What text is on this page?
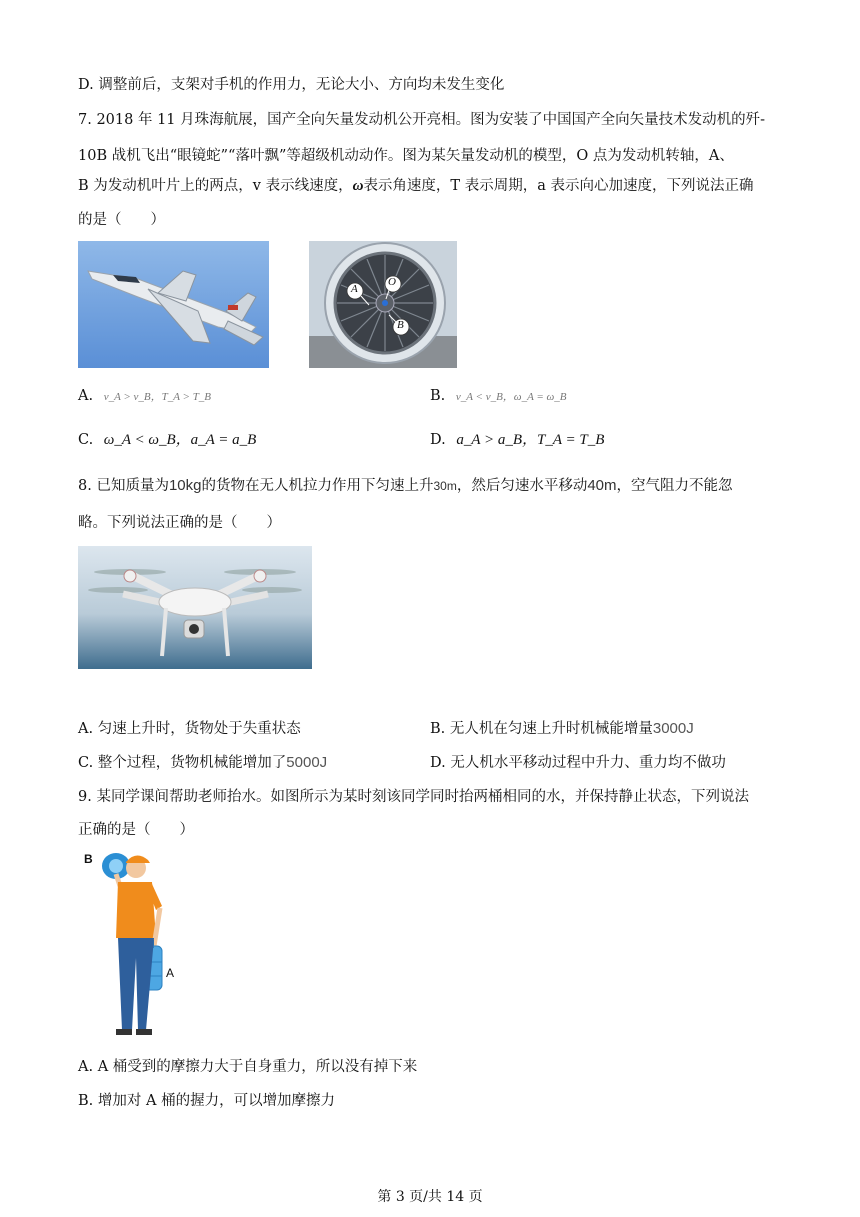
D. 调整前后，支架对手机的作用力，无论大小、方向均未发生变化
7. 2018 年 11 月珠海航展，国产全向矢量发动机公开亮相。图为安装了中国国产全向矢量技术发动机的歼-
10B 战机飞出“眼镜蛇”“落叶飘”等超级机动动作。图为某矢量发动机的模型，O 点为发动机转轴，A、
B 为发动机叶片上的两点，v 表示线速度，ω表示角速度，T 表示周期，a 表示向心加速度，下列说法正确
的是（　　）
A
O
B
A. v_A > v_B，T_A > T_B	B. v_A < v_B，ω_A = ω_B
C. ω_A < ω_B，a_A = a_B	D. a_A > a_B，T_A = T_B
8. 已知质量为10kg的货物在无人机拉力作用下匀速上升30m，然后匀速水平移动40m，空气阻力不能忽
略。下列说法正确的是（　　）
A. 匀速上升时，货物处于失重状态	B. 无人机在匀速上升时机械能增量3000J
C. 整个过程，货物机械能增加了5000J	D. 无人机水平移动过程中升力、重力均不做功
9. 某同学课间帮助老师抬水。如图所示为某时刻该同学同时抬两桶相同的水，并保持静止状态，下列说法
正确的是（　　）
B
A
A. A 桶受到的摩擦力大于自身重力，所以没有掉下来
B. 增加对 A 桶的握力，可以增加摩擦力
第 3 页/共 14 页
